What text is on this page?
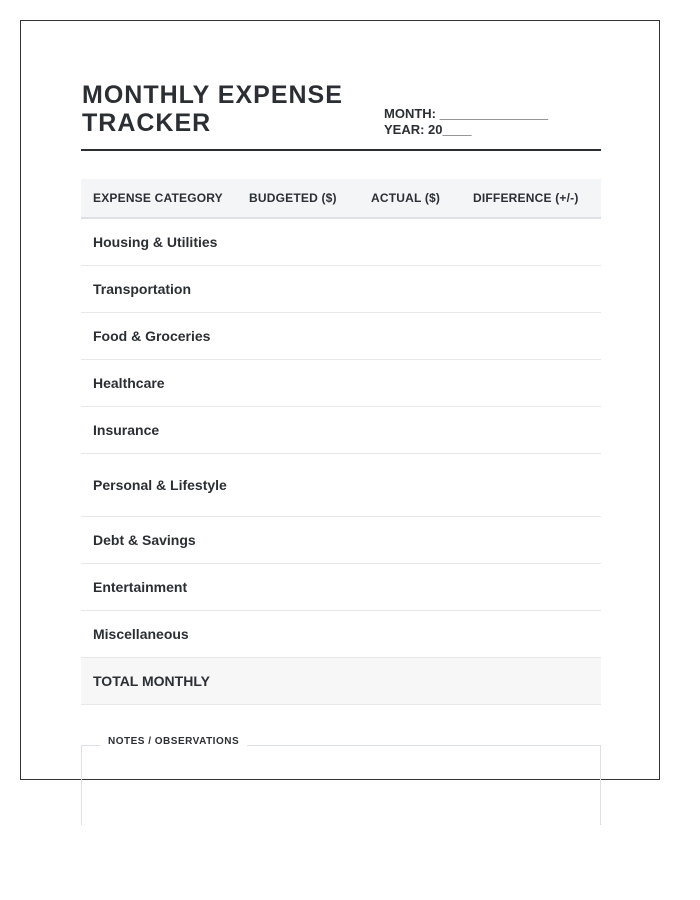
MONTHLY EXPENSE TRACKER	MONTH: _______________
YEAR: 20____
EXPENSE CATEGORY	BUDGETED ($)	ACTUAL ($)	DIFFERENCE (+/-)
Housing & Utilities
Transportation
Food & Groceries
Healthcare
Insurance
Personal & Lifestyle
Debt & Savings
Entertainment
Miscellaneous
TOTAL MONTHLY
NOTES / OBSERVATIONS
